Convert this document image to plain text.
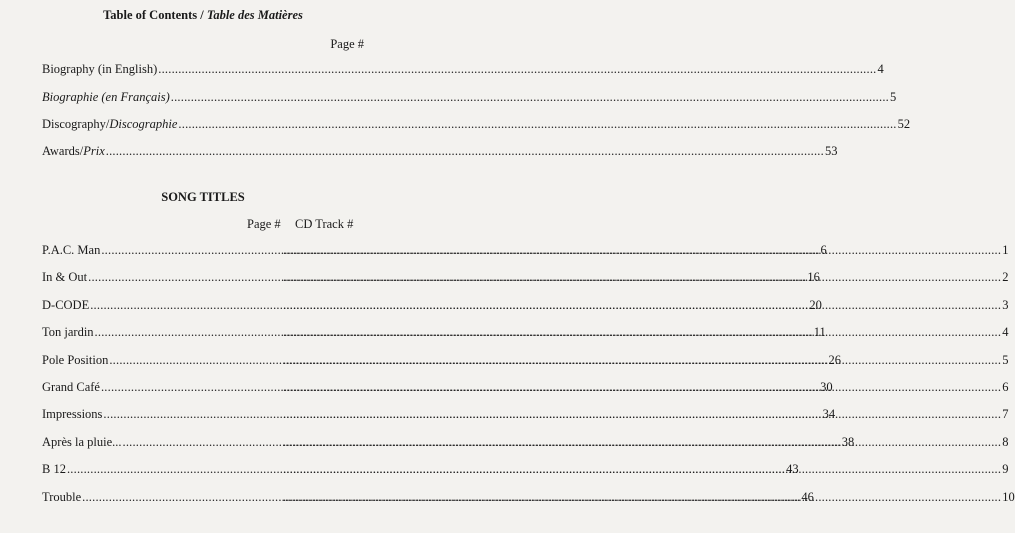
Table of Contents / Table des Matières
Page #
Biography (in English) .....	4
Biographie (en Français) .....	5
Discography/ Discographie .....	52
Awards/ Prix .....	53
SONG TITLES
Page # CD Track #
P.A.C. Man .....	6 .....	1
In & Out .....	16 .....	2
D-CODE .....	20 .....	3
Ton jardin .....	11 .....	4
Pole Position .....	26 .....	5
Grand Café .....	30 .....	6
Impressions .....	34 .....	7
Après la pluie... .....	38 .....	8
B 12 .....	43 .....	9
Trouble .....	46 .....	10
